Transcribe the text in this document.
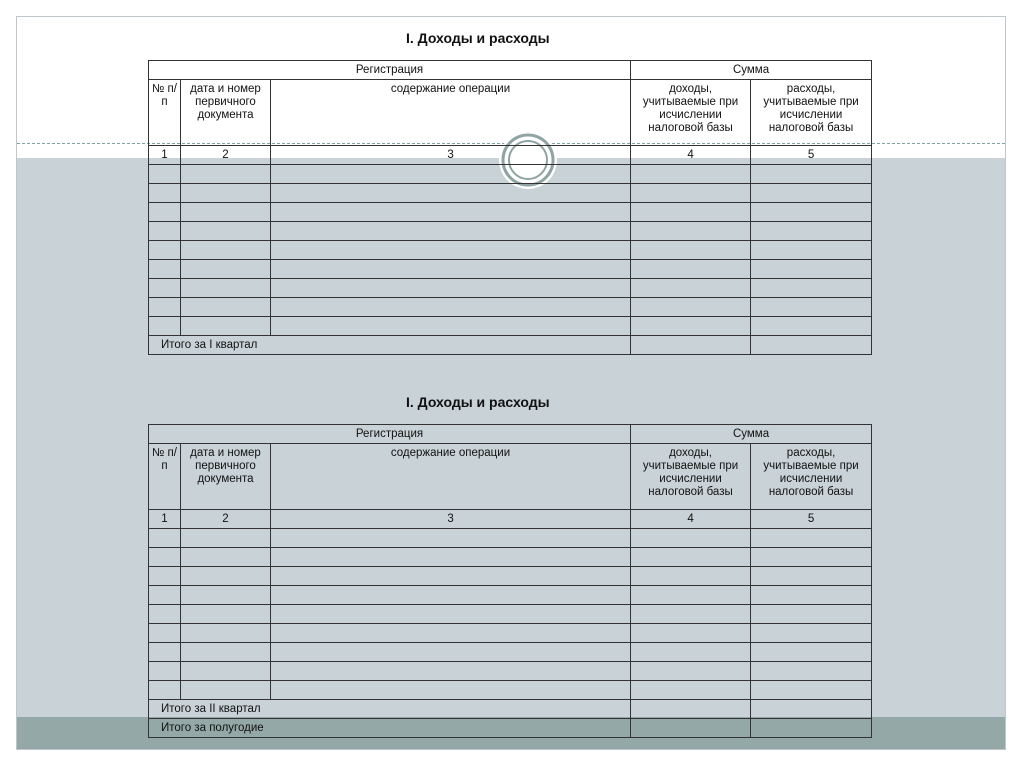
I. Доходы и расходы
Регистрация			Сумма	
№ п/п	дата и номер первичного документа	содержание операции	доходы, учитываемые при исчислении налоговой базы	расходы, учитываемые при исчислении налоговой базы
1	2	3	4	5

Итого за I квартал				
I. Доходы и расходы
Регистрация			Сумма	
№ п/п	дата и номер первичного документа	содержание операции	доходы, учитываемые при исчислении налоговой базы	расходы, учитываемые при исчислении налоговой базы
1	2	3	4	5

Итого за II квартал				
Итого за полугодие				
